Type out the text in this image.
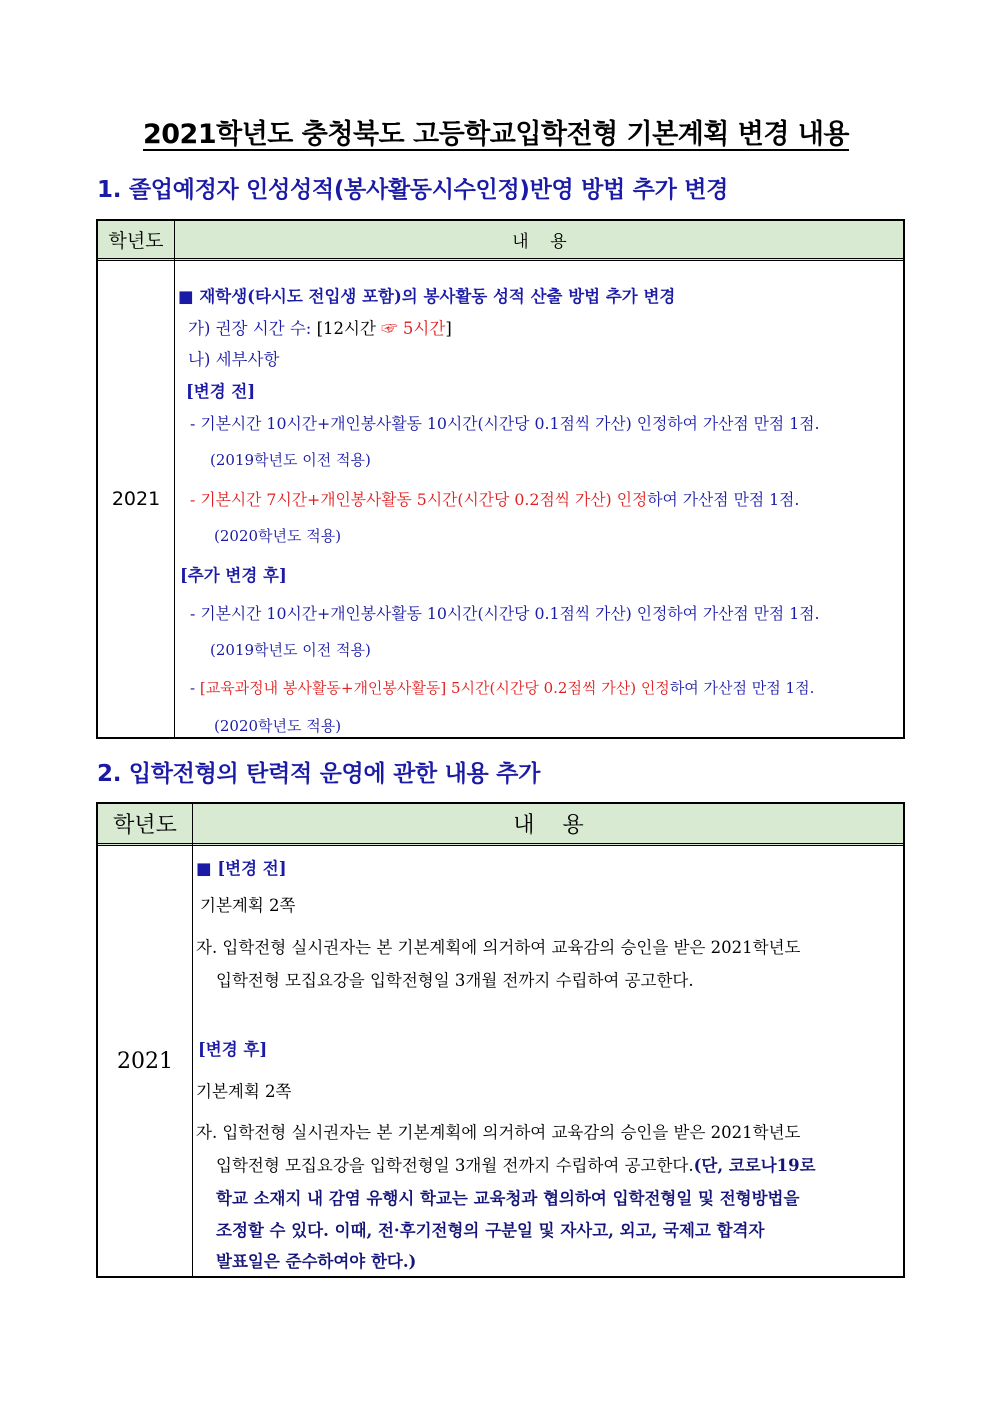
2021학년도 충청북도 고등학교입학전형 기본계획 변경 내용
1. 졸업예정자 인성성적(봉사활동시수인정)반영 방법 추가 변경
학년도	내    용
2021
■ 재학생(타시도 전입생 포함)의 봉사활동 성적 산출 방법 추가 변경
가) 권장 시간 수: [12시간 ☞ 5시간]
나) 세부사항
[변경 전]
- 기본시간 10시간+개인봉사활동 10시간(시간당 0.1점씩 가산) 인정하여 가산점 만점 1점.
(2019학년도 이전 적용)
- 기본시간 7시간+개인봉사활동 5시간(시간당 0.2점씩 가산) 인정하여 가산점 만점 1점.
(2020학년도 적용)
[추가 변경 후]
- 기본시간 10시간+개인봉사활동 10시간(시간당 0.1점씩 가산) 인정하여 가산점 만점 1점.
(2019학년도 이전 적용)
- [교육과정내 봉사활동+개인봉사활동] 5시간(시간당 0.2점씩 가산) 인정하여 가산점 만점 1점.
(2020학년도 적용)
2. 입학전형의 탄력적 운영에 관한 내용 추가
학년도	내    용
2021
■ [변경 전]
기본계획 2쪽
자. 입학전형 실시권자는 본 기본계획에 의거하여 교육감의 승인을 받은 2021학년도
입학전형 모집요강을 입학전형일 3개월 전까지 수립하여 공고한다.
[변경 후]
기본계획 2쪽
자. 입학전형 실시권자는 본 기본계획에 의거하여 교육감의 승인을 받은 2021학년도
입학전형 모집요강을 입학전형일 3개월 전까지 수립하여 공고한다.(단, 코로나19로
학교 소재지 내 감염 유행시 학교는 교육청과 협의하여 입학전형일 및 전형방법을
조정할 수 있다. 이때, 전·후기전형의 구분일 및 자사고, 외고, 국제고 합격자
발표일은 준수하여야 한다.)
